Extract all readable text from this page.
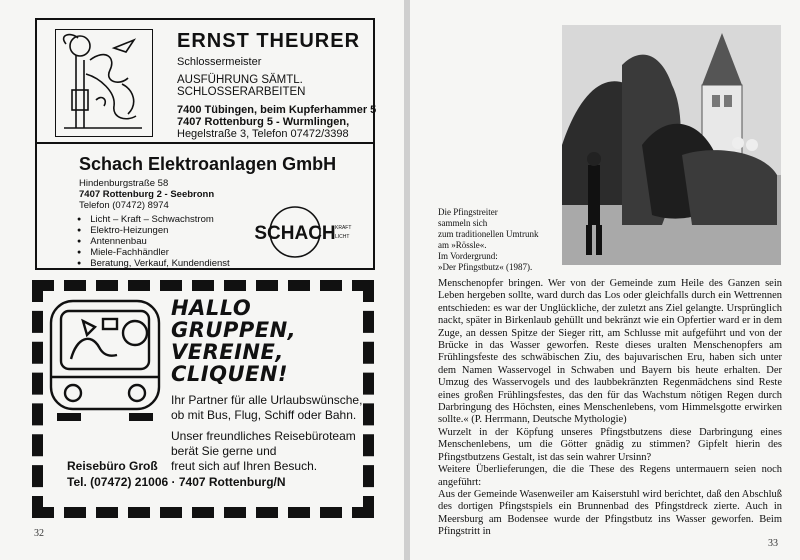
ERNST THEURER
Schlossermeister
AUSFÜHRUNG SÄMTL.
SCHLOSSERARBEITEN
7400 Tübingen, beim Kupferhammer 5
7407 Rottenburg 5 - Wurmlingen,
Hegelstraße 3, Telefon 07472/3398
Schach Elektroanlagen GmbH
Hindenburgstraße 58
7407 Rottenburg 2 - Seebronn
Telefon (07472) 8974
● Licht – Kraft – Schwachstrom
● Elektro-Heizungen
● Antennenbau
● Miele-Fachhändler
● Beratung, Verkauf, Kundendienst
SCHACH KRAFT
LICHT
HALLO
GRUPPEN,
VEREINE,
CLIQUEN!
Ihr Partner für alle Urlaubswünsche,
ob mit Bus, Flug, Schiff oder Bahn.
Unser freundliches Reisebüroteam
berät Sie gerne und
freut sich auf Ihren Besuch.
Reisebüro Groß
Tel. (07472) 21006 · 7407 Rottenburg/N
32
Die Pfingstreiter
sammeln sich
zum traditionellen Umtrunk
am »Rössle«.
Im Vordergrund:
»Der Pfingstbutz« (1987).

Menschenopfer bringen. Wer von der Gemeinde zum Heile des Ganzen sein Leben hergeben sollte, ward durch das Los oder gleichfalls durch ein Wettrennen entschieden: es war der Unglückliche, der zuletzt ans Ziel gelangte. Ursprünglich nackt, später in Birkenlaub gehüllt und bekränzt wie ein Opfertier ward er in dem Zuge, an dessen Spitze der Sieger ritt, am Schlusse mit aufgeführt und von der Brücke in das Wasser geworfen. Reste dieses uralten Menschenopfers am Frühlingsfeste des schwäbischen Ziu, des bajuvarischen Eru, haben sich unter dem Namen Wasservogel in Schwaben und Bayern bis heute erhalten. Der Umzug des Wasservogels und des laubbekränzten Regenmädchens sind Reste eines großen Frühlingsfestes, das den für das Wachstum nötigen Regen durch Darbringung des Höchsten, eines Menschenlebens, vom Himmelsgotte erwirken sollte.« (P. Herrmann, Deutsche Mythologie)

Wurzelt in der Köpfung unseres Pfingstbutzens diese Darbringung eines Menschenlebens, um die Götter gnädig zu stimmen? Gipfelt hierin des Pfingstbutzens Gestalt, ist das sein wahrer Ursinn?

Weitere Überlieferungen, die die These des Regens untermauern seien noch angeführt:

Aus der Gemeinde Wasenweiler am Kaiserstuhl wird berichtet, daß den Abschluß des dortigen Pfingstspiels ein Brunnenbad des Pfingstdreck zierte. Auch in Meersburg am Bodensee wurde der Pfingstbutz ins Wasser geworfen. Beim Pfingstritt in

33
